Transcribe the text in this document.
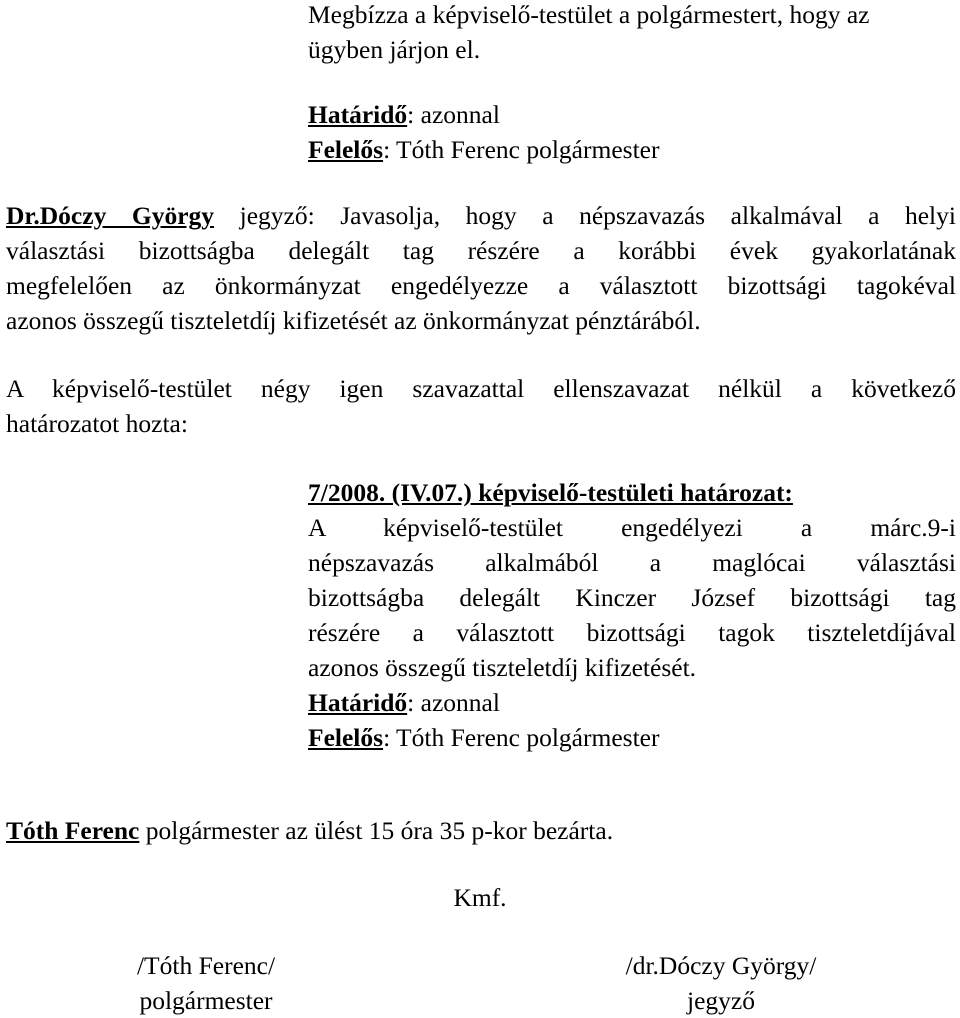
Megbízza a képviselő-testület a polgármestert, hogy az
ügyben járjon el.
Határidő: azonnal
Felelős: Tóth Ferenc polgármester
Dr.Dóczy György jegyző: Javasolja, hogy a népszavazás alkalmával a helyi
választási bizottságba delegált tag részére a korábbi évek gyakorlatának
megfelelően az önkormányzat engedélyezze a választott bizottsági tagokéval
azonos összegű tiszteletdíj kifizetését az önkormányzat pénztárából.
A képviselő-testület négy igen szavazattal ellenszavazat nélkül a következő
határozatot hozta:
7/2008. (IV.07.) képviselő-testületi határozat:
A képviselő-testület engedélyezi a márc.9-i
népszavazás alkalmából a maglócai választási
bizottságba delegált Kinczer József bizottsági tag
részére a választott bizottsági tagok tiszteletdíjával
azonos összegű tiszteletdíj kifizetését.
Határidő: azonnal
Felelős: Tóth Ferenc polgármester
Tóth Ferenc polgármester az ülést 15 óra 35 p-kor bezárta.
Kmf.
/Tóth Ferenc/
polgármester
/dr.Dóczy György/
jegyző
